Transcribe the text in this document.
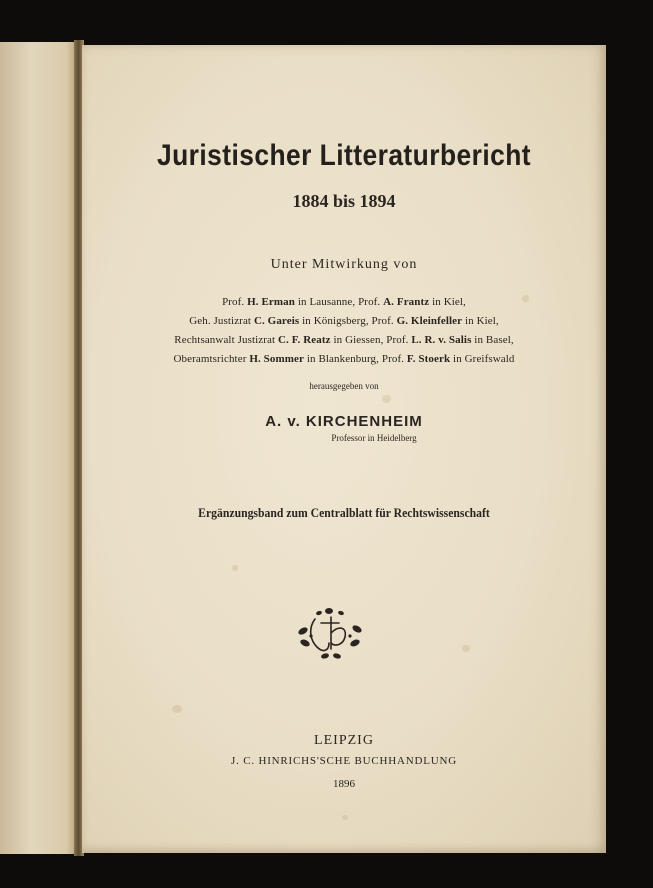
Juristischer Litteraturbericht
1884 bis 1894
Unter Mitwirkung von
Prof. H. Erman in Lausanne, Prof. A. Frantz in Kiel,
Geh. Justizrat C. Gareis in Königsberg, Prof. G. Kleinfeller in Kiel,
Rechtsanwalt Justizrat C. F. Reatz in Giessen, Prof. L. R. v. Salis in Basel,
Oberamtsrichter H. Sommer in Blankenburg, Prof. F. Stoerk in Greifswald
herausgegeben von
A. v. KIRCHENHEIM
Professor in Heidelberg
Ergänzungsband zum Centralblatt für Rechtswissenschaft
LEIPZIG
J. C. HINRICHS'SCHE BUCHHANDLUNG
1896
